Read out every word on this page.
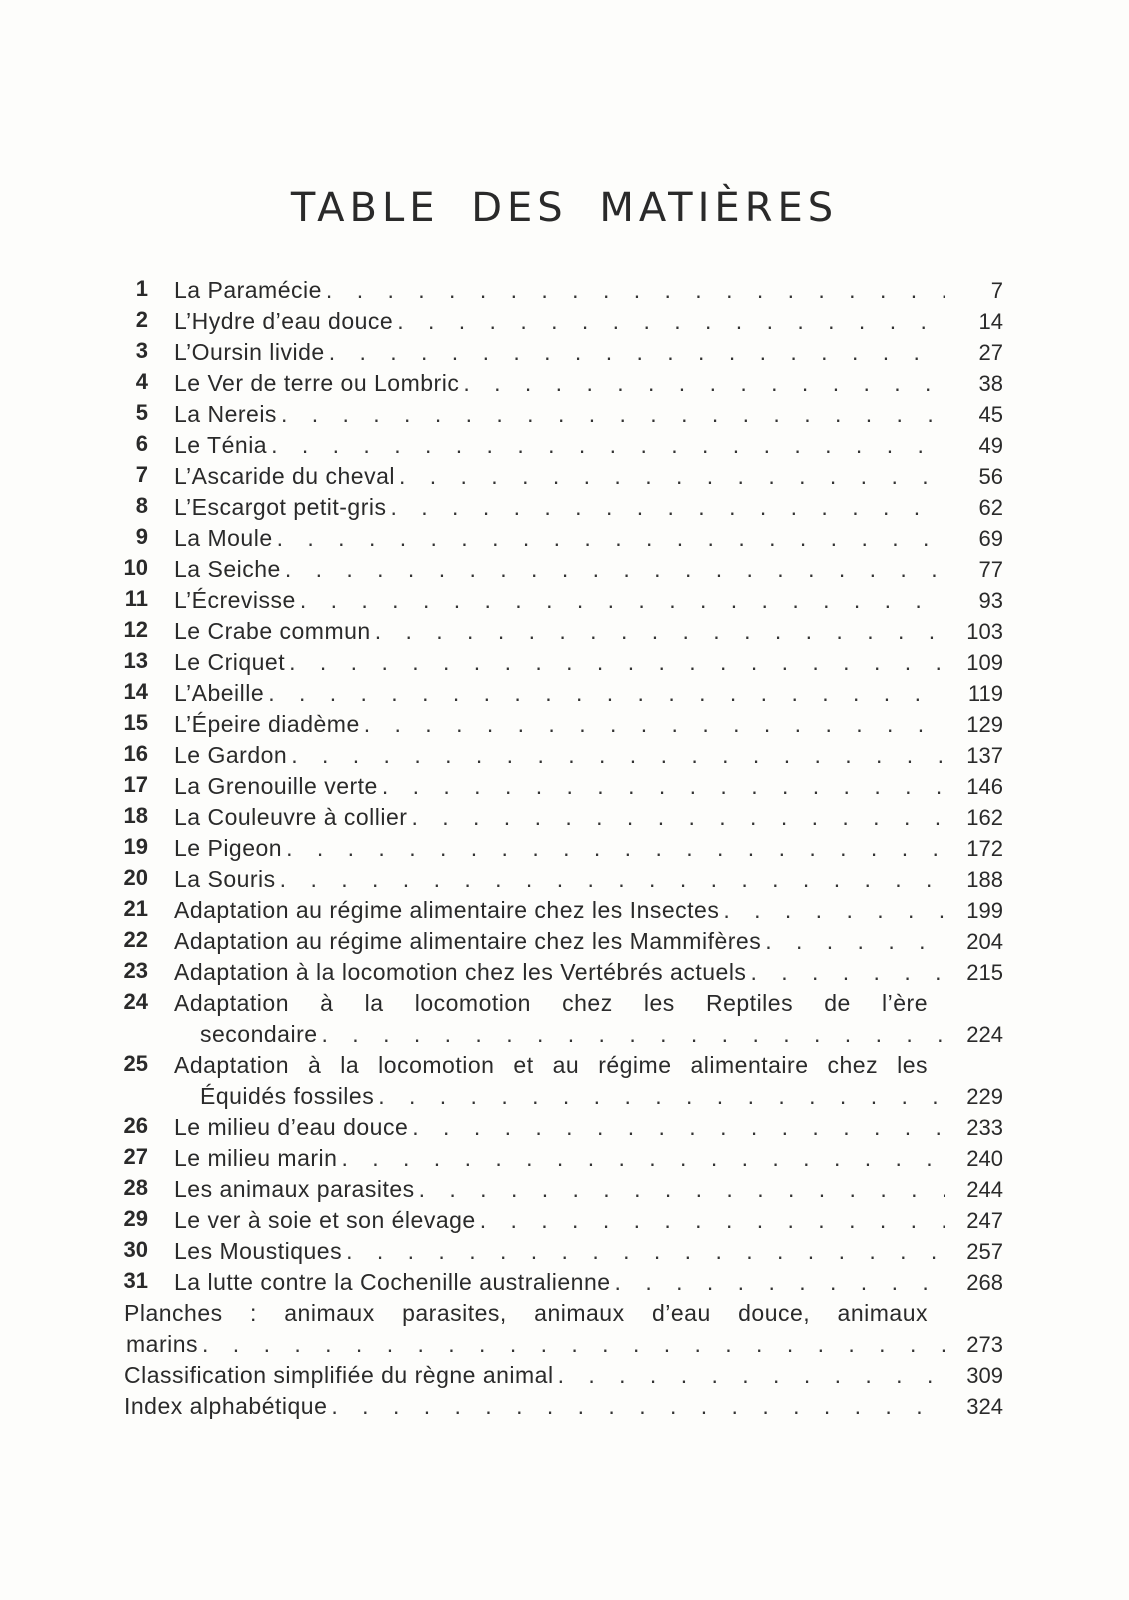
TABLE DES MATIÈRES
1 La Paramécie . . .	7
2 L’Hydre d’eau douce . . .	14
3 L’Oursin livide . . .	27
4 Le Ver de terre ou Lombric . . .	38
5 La Nereis . . .	45
6 Le Ténia . . .	49
7 L’Ascaride du cheval . . .	56
8 L’Escargot petit-gris . . .	62
9 La Moule . . .	69
10 La Seiche . . .	77
11 L’Écrevisse . . .	93
12 Le Crabe commun . . .	103
13 Le Criquet . . .	109
14 L’Abeille . . .	119
15 L’Épeire diadème . . .	129
16 Le Gardon . . .	137
17 La Grenouille verte . . .	146
18 La Couleuvre à collier . . .	162
19 Le Pigeon . . .	172
20 La Souris . . .	188
21 Adaptation au régime alimentaire chez les Insectes . . .	199
22 Adaptation au régime alimentaire chez les Mammifères . . .	204
23 Adaptation à la locomotion chez les Vertébrés actuels . . .	215
24 Adaptation à la locomotion chez les Reptiles de l’ère
secondaire . . .	224
25 Adaptation à la locomotion et au régime alimentaire chez les
Équidés fossiles . . .	229
26 Le milieu d’eau douce . . .	233
27 Le milieu marin . . .	240
28 Les animaux parasites . . .	244
29 Le ver à soie et son élevage . . .	247
30 Les Moustiques . . .	257
31 La lutte contre la Cochenille australienne . . .	268
Planches : animaux parasites, animaux d’eau douce, animaux
marins . . .	273
Classification simplifiée du règne animal . . .	309
Index alphabétique . . .	324
